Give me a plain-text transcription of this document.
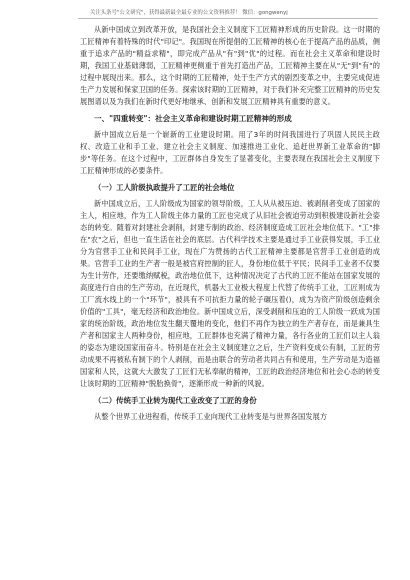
关注头条号"公文研究"，获得最新最全最专业的公文资料推荐！ 微信：gongwenyj

从新中国成立到改革开放，是我国社会主义制度下工匠精神形成的历史阶段。这一时期的工匠精神有着特殊的时代"印记"。我国现在所提倡的工匠精神的核心在于提高产品的品质，侧重于追求产品的"精益求精"，即完成产品从"有"到"优"的过程。而在社会主义革命和建设时期，我国工业基础薄弱，工匠精神更侧重于首先打造出产品，工匠精神主要在从"无"到"有"的过程中展现出来。那么，这个时期的工匠精神，处于生产方式的剧烈变革之中，主要完成促进生产力发展和保家卫国的任务。探索该时期的工匠精神，对于我们补充完整工匠精神的历史发展图谱以及为我们在新时代更好地继承、创新和发展工匠精神具有重要的意义。

一、"四重转变"：社会主义革命和建设时期工匠精神的形成

新中国成立后是一个崭新的工业建设时期。用了3年的时间我国进行了巩固人民民主政权、改造工业和手工业、建立社会主义制度、加速推进工业化、追赶世界新工业革命的"脚步"等任务。在这个过程中，工匠群体自身发生了显著变化，主要表现在我国社会主义制度下工匠精神形成的必要条件。

（一）工人阶级执政提升了工匠的社会地位

新中国成立后，工人阶级成为国家的领导阶级，工人从从被压迫、被剥削者变成了国家的主人，相应地，作为工人阶级主体力量的工匠也完成了从旧社会被迫劳动到积极建设新社会姿态的转变。随着对封建社会剥削，封建专制的政治、经济制度造成工匠社会地位低下。"工"排在"农"之后，但也一直生活在社会的底层。古代科学技术主要是通过手工业获得发展，手工业分为官营手工业和民间手工业，现在广为赞扬的古代工匠精神主要都是官营手工业创造的成果。官营手工业的生产者一般是被官府控制的匠人，身份地位低于平民；民间手工业者不仅要为生计劳作，还要缴纳赋税，政治地位低下，这种情况决定了古代的工匠不能站在国家发展的高度进行自由的生产劳动，在近现代，机器大工业极大程度上代替了传统手工业，工匠则成为工厂流水线上的一个"环节"，被具有不可抗拒力量的轮子碾压着()，成为为资产阶级创造剩余价值的"工具"，毫无经济和政治地位。新中国成立后，深受剥削和压迫的工人阶级一跃成为国家的统治阶级，政治地位发生翻天覆地的变化，他们不再作为独立的生产者存在，而是兼具生产者和国家主人两种身份，相应地，工匠群体也充满了精神力量，各行各业的工匠们以主人翁的姿态为建设国家而奋斗。特别是在社会主义制度建立之后，生产资料变成公有制，工匠的劳动成果不再被私有制下的个人剥削，而是由联合的劳动者共同占有和使用，生产劳动是为造福国家和人民，这就大大激发了工匠们无私奉献的精神，工匠的政治经济地位和社会心态的转变让该时期的工匠精神"脱胎换骨"，逐渐形成一种新的风貌。

（二）传统手工业转为现代工业改变了工匠的身份

从整个世界工业进程看，传统手工业向现代工业转变是与世界各国发展方
